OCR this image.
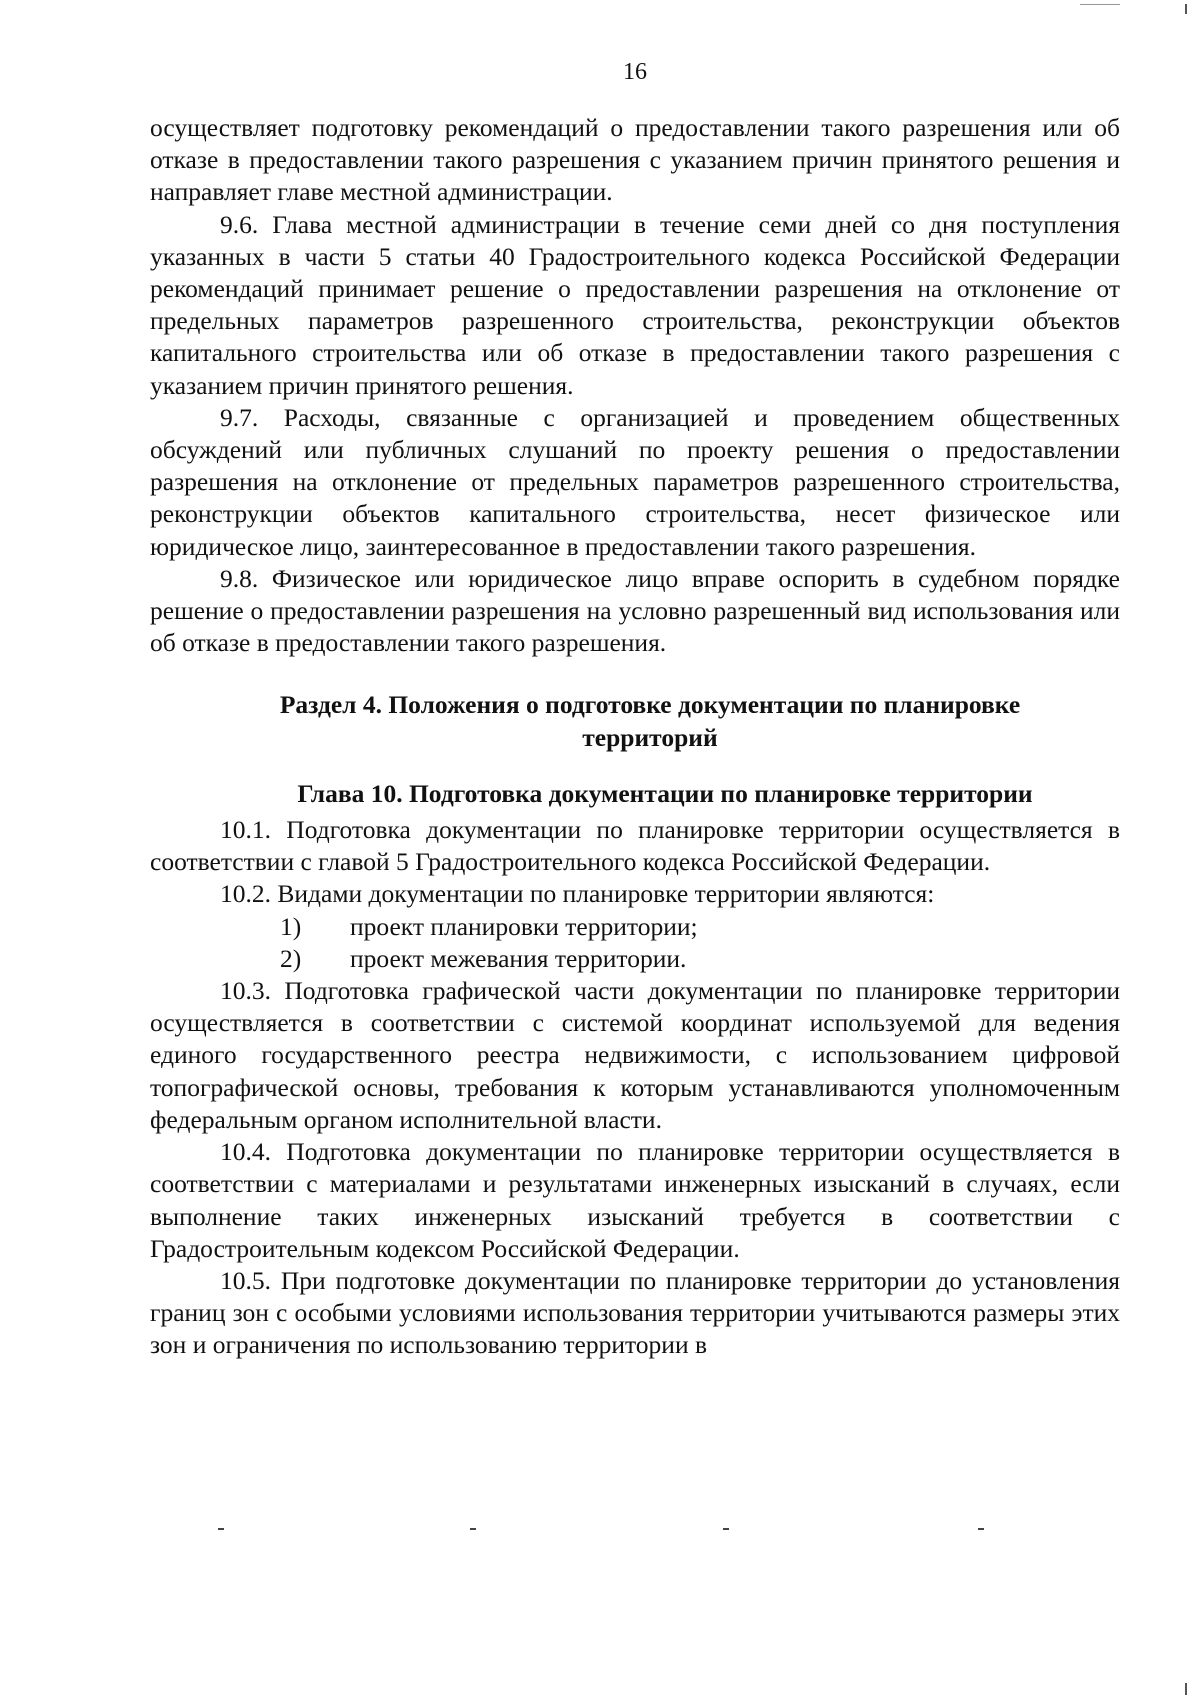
16

осуществляет подготовку рекомендаций о предоставлении такого разрешения или об отказе в предоставлении такого разрешения с указанием причин принятого решения и направляет главе местной администрации.

9.6. Глава местной администрации в течение семи дней со дня поступления указанных в части 5 статьи 40 Градостроительного кодекса Российской Федерации рекомендаций принимает решение о предоставлении разрешения на отклонение от предельных параметров разрешенного строительства, реконструкции объектов капитального строительства или об отказе в предоставлении такого разрешения с указанием причин принятого решения.

9.7. Расходы, связанные с организацией и проведением общественных обсуждений или публичных слушаний по проекту решения о предоставлении разрешения на отклонение от предельных параметров разрешенного строительства, реконструкции объектов капитального строительства, несет физическое или юридическое лицо, заинтересованное в предоставлении такого разрешения.

9.8. Физическое или юридическое лицо вправе оспорить в судебном порядке решение о предоставлении разрешения на условно разрешенный вид использования или об отказе в предоставлении такого разрешения.

Раздел 4. Положения о подготовке документации по планировке территорий
Глава 10. Подготовка документации по планировке территории

10.1. Подготовка документации по планировке территории осуществляется в соответствии с главой 5 Градостроительного кодекса Российской Федерации.

10.2. Видами документации по планировке территории являются:

1)	проект планировки территории;
2)	проект межевания территории.

10.3. Подготовка графической части документации по планировке территории осуществляется в соответствии с системой координат используемой для ведения единого государственного реестра недвижимости, с использованием цифровой топографической основы, требования к которым устанавливаются уполномоченным федеральным органом исполнительной власти.

10.4. Подготовка документации по планировке территории осуществляется в соответствии с материалами и результатами инженерных изысканий в случаях, если выполнение таких инженерных изысканий требуется в соответствии с Градостроительным кодексом Российской Федерации.

10.5. При подготовке документации по планировке территории до установления границ зон с особыми условиями использования территории учитываются размеры этих зон и ограничения по использованию территории в
